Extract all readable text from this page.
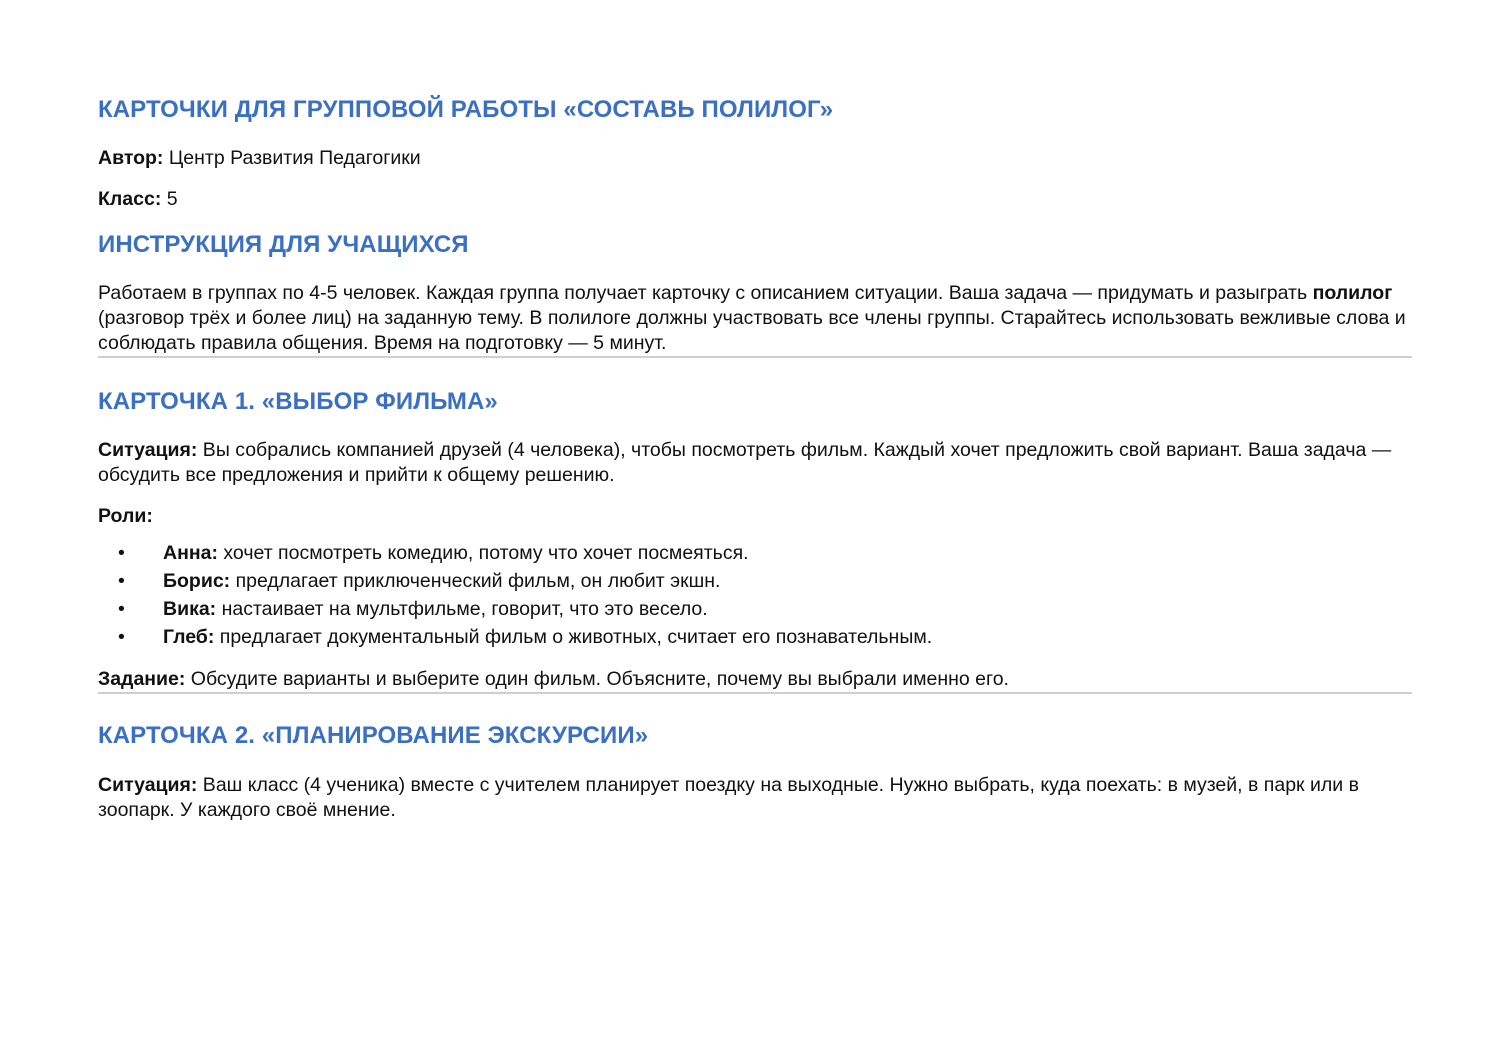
КАРТОЧКИ ДЛЯ ГРУППОВОЙ РАБОТЫ «СОСТАВЬ ПОЛИЛОГ»

Автор: Центр Развития Педагогики

Класс: 5

ИНСТРУКЦИЯ ДЛЯ УЧАЩИХСЯ

Работаем в группах по 4-5 человек. Каждая группа получает карточку с описанием ситуации. Ваша задача — придумать и разыграть полилог (разговор трёх и более лиц) на заданную тему. В полилоге должны участвовать все члены группы. Старайтесь использовать вежливые слова и соблюдать правила общения. Время на подготовку — 5 минут.

КАРТОЧКА 1. «ВЫБОР ФИЛЬМА»

Ситуация: Вы собрались компанией друзей (4 человека), чтобы посмотреть фильм. Каждый хочет предложить свой вариант. Ваша задача — обсудить все предложения и прийти к общему решению.

Роли:

• Анна: хочет посмотреть комедию, потому что хочет посмеяться.
• Борис: предлагает приключенческий фильм, он любит экшн.
• Вика: настаивает на мультфильме, говорит, что это весело.
• Глеб: предлагает документальный фильм о животных, считает его познавательным.

Задание: Обсудите варианты и выберите один фильм. Объясните, почему вы выбрали именно его.

КАРТОЧКА 2. «ПЛАНИРОВАНИЕ ЭКСКУРСИИ»

Ситуация: Ваш класс (4 ученика) вместе с учителем планирует поездку на выходные. Нужно выбрать, куда поехать: в музей, в парк или в зоопарк. У каждого своё мнение.
